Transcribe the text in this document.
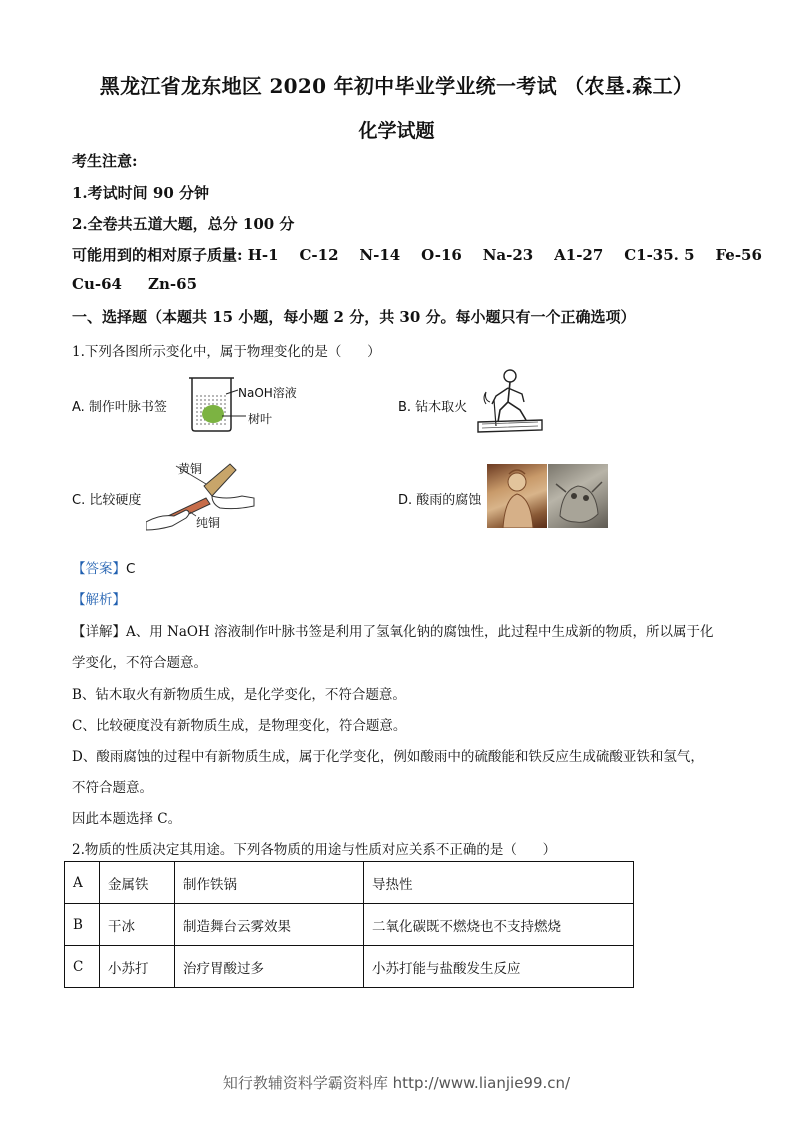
黑龙江省龙东地区 2020 年初中毕业学业统一考试 （农垦.森工）
化学试题
考生注意:
1.考试时间 90 分钟
2.全卷共五道大题，总分 100 分
可能用到的相对原子质量: H-1    C-12    N-14    O-16    Na-23    A1-27    C1-35. 5    Fe-56
Cu-64     Zn-65
一、选择题（本题共 15 小题，每小题 2 分，共 30 分。每小题只有一个正确选项）
1.下列各图所示变化中，属于物理变化的是（      ）
A. 制作叶脉书签
NaOH溶液
树叶
B. 钻木取火
C. 比较硬度
黄铜
纯铜
D. 酸雨的腐蚀
【答案】C
【解析】
【详解】A、用 NaOH 溶液制作叶脉书签是利用了氢氧化钠的腐蚀性，此过程中生成新的物质，所以属于化
学变化，不符合题意。
B、钻木取火有新物质生成，是化学变化，不符合题意。
C、比较硬度没有新物质生成，是物理变化，符合题意。
D、酸雨腐蚀的过程中有新物质生成，属于化学变化，例如酸雨中的硫酸能和铁反应生成硫酸亚铁和氢气，
不符合题意。
因此本题选择 C。
2.物质的性质决定其用途。下列各物质的用途与性质对应关系不正确的是（      ）
A	金属铁	制作铁锅	导热性
B	干冰	制造舞台云雾效果	二氧化碳既不燃烧也不支持燃烧
C	小苏打	治疗胃酸过多	小苏打能与盐酸发生反应
知行教辅资料学霸资料库 http://www.lianjie99.cn/
